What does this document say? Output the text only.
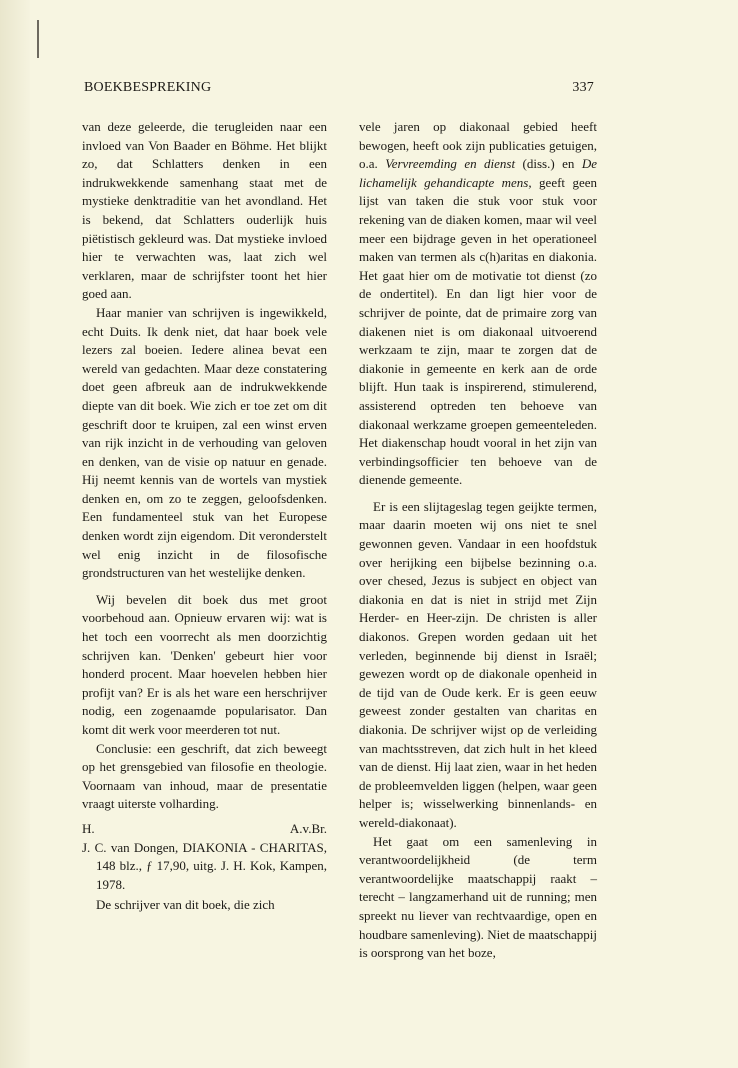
BOEKBESPREKING	337

van deze geleerde, die terugleiden naar een invloed van Von Baader en Böhme. Het blijkt zo, dat Schlatters denken in een indrukwekkende samenhang staat met de mystieke denktraditie van het avondland. Het is bekend, dat Schlatters ouderlijk huis piëtistisch gekleurd was. Dat mystieke invloed hier te verwachten was, laat zich wel verklaren, maar de schrijfster toont het hier goed aan.

Haar manier van schrijven is ingewikkeld, echt Duits. Ik denk niet, dat haar boek vele lezers zal boeien. Iedere alinea bevat een wereld van gedachten. Maar deze constatering doet geen afbreuk aan de indrukwekkende diepte van dit boek. Wie zich er toe zet om dit geschrift door te kruipen, zal een winst erven van rijk inzicht in de verhouding van geloven en denken, van de visie op natuur en genade. Hij neemt kennis van de wortels van mystiek denken en, om zo te zeggen, geloofsdenken. Een fundamenteel stuk van het Europese denken wordt zijn eigendom. Dit veronderstelt wel enig inzicht in de filosofische grondstructuren van het westelijke denken.

Wij bevelen dit boek dus met groot voorbehoud aan. Opnieuw ervaren wij: wat is het toch een voorrecht als men doorzichtig schrijven kan. 'Denken' gebeurt hier voor honderd procent. Maar hoevelen hebben hier profijt van? Er is als het ware een herschrijver nodig, een zogenaamde popularisator. Dan komt dit werk voor meerderen tot nut.

Conclusie: een geschrift, dat zich beweegt op het grensgebied van filosofie en theologie. Voornaam van inhoud, maar de presentatie vraagt uiterste volharding.

H.	A.v.Br.

J. C. van Dongen, DIAKONIA - CHARITAS, 148 blz., ƒ 17,90, uitg. J. H. Kok, Kampen, 1978.

De schrijver van dit boek, die zich

vele jaren op diakonaal gebied heeft bewogen, heeft ook zijn publicaties getuigen, o.a. Vervreemding en dienst (diss.) en De lichamelijk gehandicapte mens, geeft geen lijst van taken die stuk voor stuk voor rekening van de diaken komen, maar wil veel meer een bijdrage geven in het operationeel maken van termen als c(h)aritas en diakonia. Het gaat hier om de motivatie tot dienst (zo de ondertitel). En dan ligt hier voor de schrijver de pointe, dat de primaire zorg van diakenen niet is om diakonaal uitvoerend werkzaam te zijn, maar te zorgen dat de diakonie in gemeente en kerk aan de orde blijft. Hun taak is inspirerend, stimulerend, assisterend optreden ten behoeve van diakonaal werkzame groepen gemeenteleden. Het diakenschap houdt vooral in het zijn van verbindingsofficier ten behoeve van de dienende gemeente.

Er is een slijtageslag tegen geijkte termen, maar daarin moeten wij ons niet te snel gewonnen geven. Vandaar in een hoofdstuk over herijking een bijbelse bezinning o.a. over chesed, Jezus is subject en object van diakonia en dat is niet in strijd met Zijn Herder- en Heer-zijn. De christen is aller diakonos. Grepen worden gedaan uit het verleden, beginnende bij dienst in Israël; gewezen wordt op de diakonale openheid in de tijd van de Oude kerk. Er is geen eeuw geweest zonder gestalten van charitas en diakonia. De schrijver wijst op de verleiding van machtsstreven, dat zich hult in het kleed van de dienst. Hij laat zien, waar in het heden de probleemvelden liggen (helpen, waar geen helper is; wisselwerking binnenlands- en wereld-diakonaat).

Het gaat om een samenleving in verantwoordelijkheid (de term verantwoordelijke maatschappij raakt – terecht – langzamerhand uit de running; men spreekt nu liever van rechtvaardige, open en houdbare samenleving). Niet de maatschappij is oorsprong van het boze,
